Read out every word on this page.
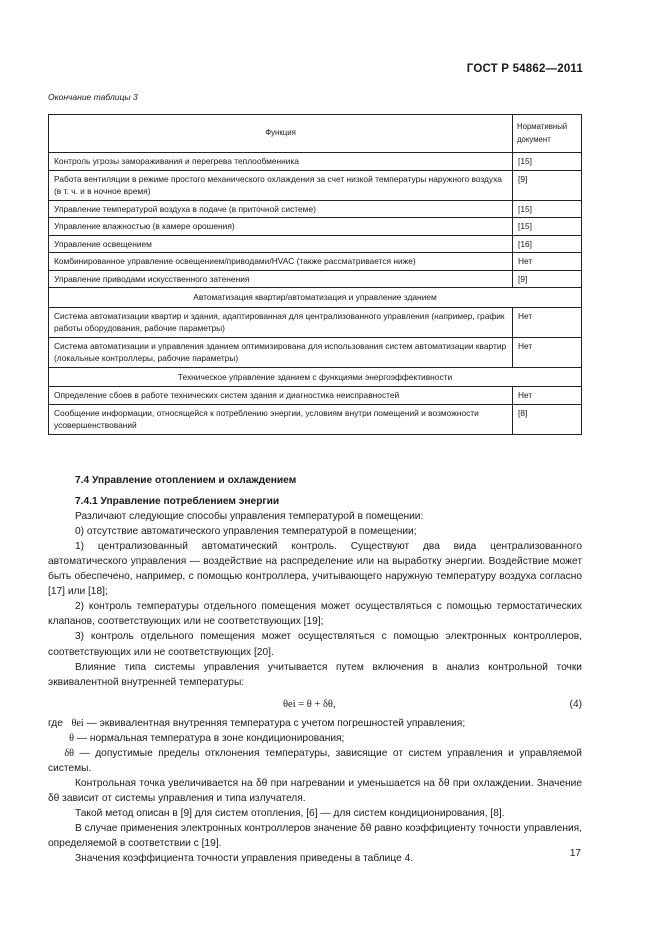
ГОСТ Р 54862—2011
Окончание таблицы 3
Функция	Нормативный документ
Контроль угрозы замораживания и перегрева теплообменника	[15]
Работа вентиляции в режиме простого механического охлаждения за счет низкой температуры наружного воздуха (в т. ч. и в ночное время)	[9]
Управление температурой воздуха в подаче (в приточной системе)	[15]
Управление влажностью (в камере орошения)	[15]
Управление освещением	[16]
Комбинированное управление освещением/приводами/HVAC (также рассматривается ниже)	Нет
Управление приводами искусственного затенения	[9]
Автоматизация квартир/автоматизация и управление зданием	
Система автоматизации квартир и здания, адаптированная для централизованного управления (например, график работы оборудования, рабочие параметры)	Нет
Система автоматизации и управления зданием оптимизирована для использования систем автоматизации квартир (локальные контроллеры, рабочие параметры)	Нет
Техническое управление зданием с функциями энергоэффективности	
Определение сбоев в работе технических систем здания и диагностика неисправностей	Нет
Сообщение информации, относящейся к потреблению энергии, условиям внутри помещений и возможности усовершенствований	[8]
7.4 Управление отоплением и охлаждением
7.4.1 Управление потреблением энергии

Различают следующие способы управления температурой в помещении:

0) отсутствие автоматического управления температурой в помещении;

1) централизованный автоматический контроль. Существуют два вида централизованного автоматического управления — воздействие на распределение или на выработку энергии. Воздействие может быть обеспечено, например, с помощью контроллера, учитывающего наружную температуру воздуха согласно [17] или [18];

2) контроль температуры отдельного помещения может осуществляться с помощью термостатических клапанов, соответствующих или не соответствующих [19];

3) контроль отдельного помещения может осуществляться с помощью электронных контроллеров, соответствующих или не соответствующих [20].

Влияние типа системы управления учитывается путем включения в анализ контрольной точки эквивалентной внутренней температуры:

θei = θ + δθ,	(4)

где θei — эквивалентная внутренняя температура с учетом погрешностей управления;

θ — нормальная температура в зоне кондиционирования;

δθ — допустимые пределы отклонения температуры, зависящие от систем управления и управляемой системы.

Контрольная точка увеличивается на δθ при нагревании и уменьшается на δθ при охлаждении. Значение δθ зависит от системы управления и типа излучателя.

Такой метод описан в [9] для систем отопления, [6] — для систем кондиционирования, [8].

В случае применения электронных контроллеров значение δθ равно коэффициенту точности управления, определяемой в соответствии с [19].

Значения коэффициента точности управления приведены в таблице 4.	17
